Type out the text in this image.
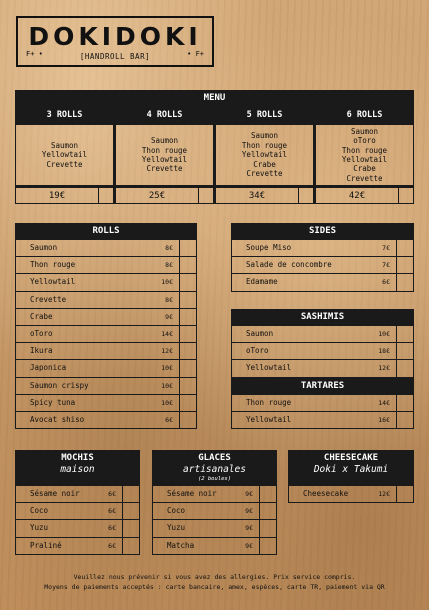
DOKIDOKI
[HANDROLL BAR]
F+ •	• F+
MENU
3 ROLLS
Saumon
Yellowtail
Crevette
19€
4 ROLLS
Saumon
Thon rouge
Yellowtail
Crevette
25€
5 ROLLS
Saumon
Thon rouge
Yellowtail
Crabe
Crevette
34€
6 ROLLS
Saumon
oToro
Thon rouge
Yellowtail
Crabe
Crevette
42€
ROLLS
Saumon	8€
Thon rouge	8€
Yellowtail	10€
Crevette	8€
Crabe	9€
oToro	14€
Ikura	12€
Japonica	10€
Saumon crispy	10€
Spicy tuna	10€
Avocat shiso	6€
SIDES
Soupe Miso	7€
Salade de concombre	7€
Edamame	6€
SASHIMIS
Saumon	10€
oToro	18€
Yellowtail	12€
TARTARES
Thon rouge	14€
Yellowtail	16€
MOCHIS
maison
Sésame noir	6€
Coco	6€
Yuzu	6€
Praliné	6€
GLACES
artisanales
(2 boules)
Sésame noir	9€
Coco	9€
Yuzu	9€
Matcha	9€
CHEESECAKE
Doki x Takumi
Cheesecake	12€
Veuillez nous prévenir si vous avez des allergies. Prix service compris.
Moyens de paiements acceptés : carte bancaire, amex, espèces, carte TR, paiement via QR
